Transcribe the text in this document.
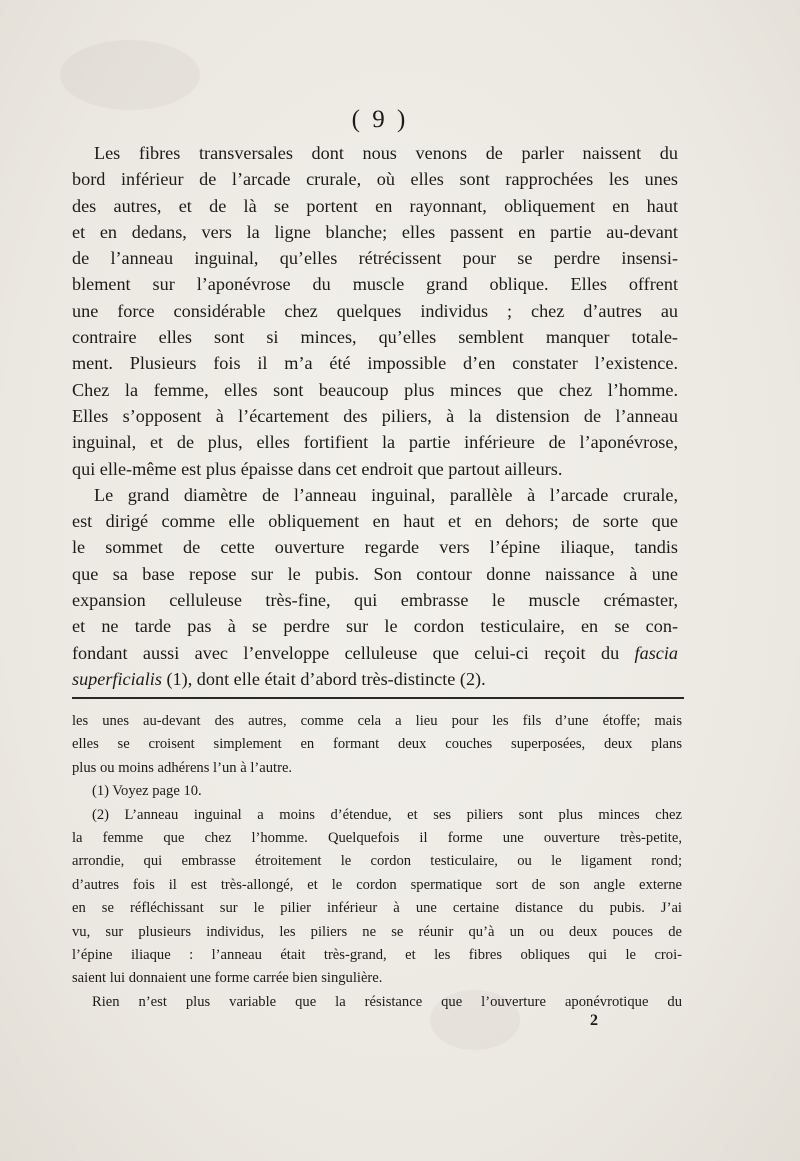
( 9 )
Les fibres transversales dont nous venons de parler naissent du
bord inférieur de l’arcade crurale, où elles sont rapprochées les unes
des autres, et de là se portent en rayonnant, obliquement en haut
et en dedans, vers la ligne blanche; elles passent en partie au-devant
de l’anneau inguinal, qu’elles rétrécissent pour se perdre insensi-
blement sur l’aponévrose du muscle grand oblique. Elles offrent
une force considérable chez quelques individus ; chez d’autres au
contraire elles sont si minces, qu’elles semblent manquer totale-
ment. Plusieurs fois il m’a été impossible d’en constater l’existence.
Chez la femme, elles sont beaucoup plus minces que chez l’homme.
Elles s’opposent à l’écartement des piliers, à la distension de l’anneau
inguinal, et de plus, elles fortifient la partie inférieure de l’aponévrose,
qui elle-même est plus épaisse dans cet endroit que partout ailleurs.
Le grand diamètre de l’anneau inguinal, parallèle à l’arcade crurale,
est dirigé comme elle obliquement en haut et en dehors; de sorte que
le sommet de cette ouverture regarde vers l’épine iliaque, tandis
que sa base repose sur le pubis. Son contour donne naissance à une
expansion celluleuse très-fine, qui embrasse le muscle crémaster,
et ne tarde pas à se perdre sur le cordon testiculaire, en se con-
fondant aussi avec l’enveloppe celluleuse que celui-ci reçoit du fascia
superficialis (1), dont elle était d’abord très-distincte (2).
les unes au-devant des autres, comme cela a lieu pour les fils d’une étoffe; mais
elles se croisent simplement en formant deux couches superposées, deux plans
plus ou moins adhérens l’un à l’autre.
(1) Voyez page 10.
(2) L’anneau inguinal a moins d’étendue, et ses piliers sont plus minces chez
la femme que chez l’homme. Quelquefois il forme une ouverture très-petite,
arrondie, qui embrasse étroitement le cordon testiculaire, ou le ligament rond;
d’autres fois il est très-allongé, et le cordon spermatique sort de son angle externe
en se réfléchissant sur le pilier inférieur à une certaine distance du pubis. J’ai
vu, sur plusieurs individus, les piliers ne se réunir qu’à un ou deux pouces de
l’épine iliaque : l’anneau était très-grand, et les fibres obliques qui le croi-
saient lui donnaient une forme carrée bien singulière.
Rien n’est plus variable que la résistance que l’ouverture aponévrotique du
2
